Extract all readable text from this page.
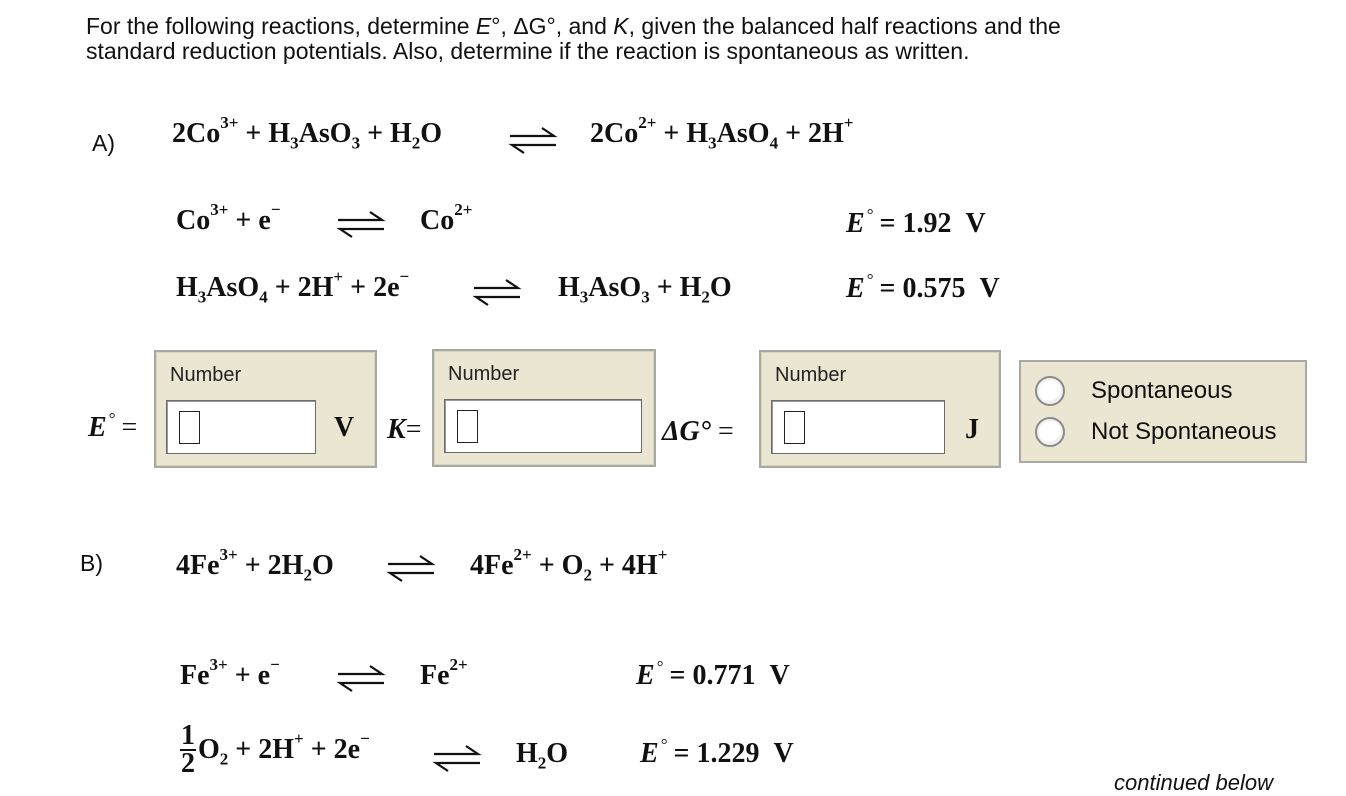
For the following reactions, determine E°, ΔG°, and K, given the balanced half reactions and the
standard reduction potentials. Also, determine if the reaction is spontaneous as written.
A) $2Co^{3+} + H_3AsO_3 + H_2O$	$2Co^{2+} + H_3AsO_4 + 2H^+$
$Co^{3+} + e^-$	$Co^{2+}$	E ° = 1.92 V
$H_3AsO_4 + 2H^+ + 2e^-$	$H_3AsO_3 + H_2O$	E ° = 0.575 V
E ° =
Number
V K=
Number
ΔG° =
Number
J
Spontaneous
Not Spontaneous
B)	$4Fe^{3+} + 2H_2O$	$4Fe^{2+} + O_2 + 4H^+$
$Fe^{3+} + e^-$	$Fe^{2+}$	E ° = 0.771 V
$\frac{1}{2} O_2 + 2H^+ + 2e^-$	$H_2O$	E ° = 1.229 V
continued below
